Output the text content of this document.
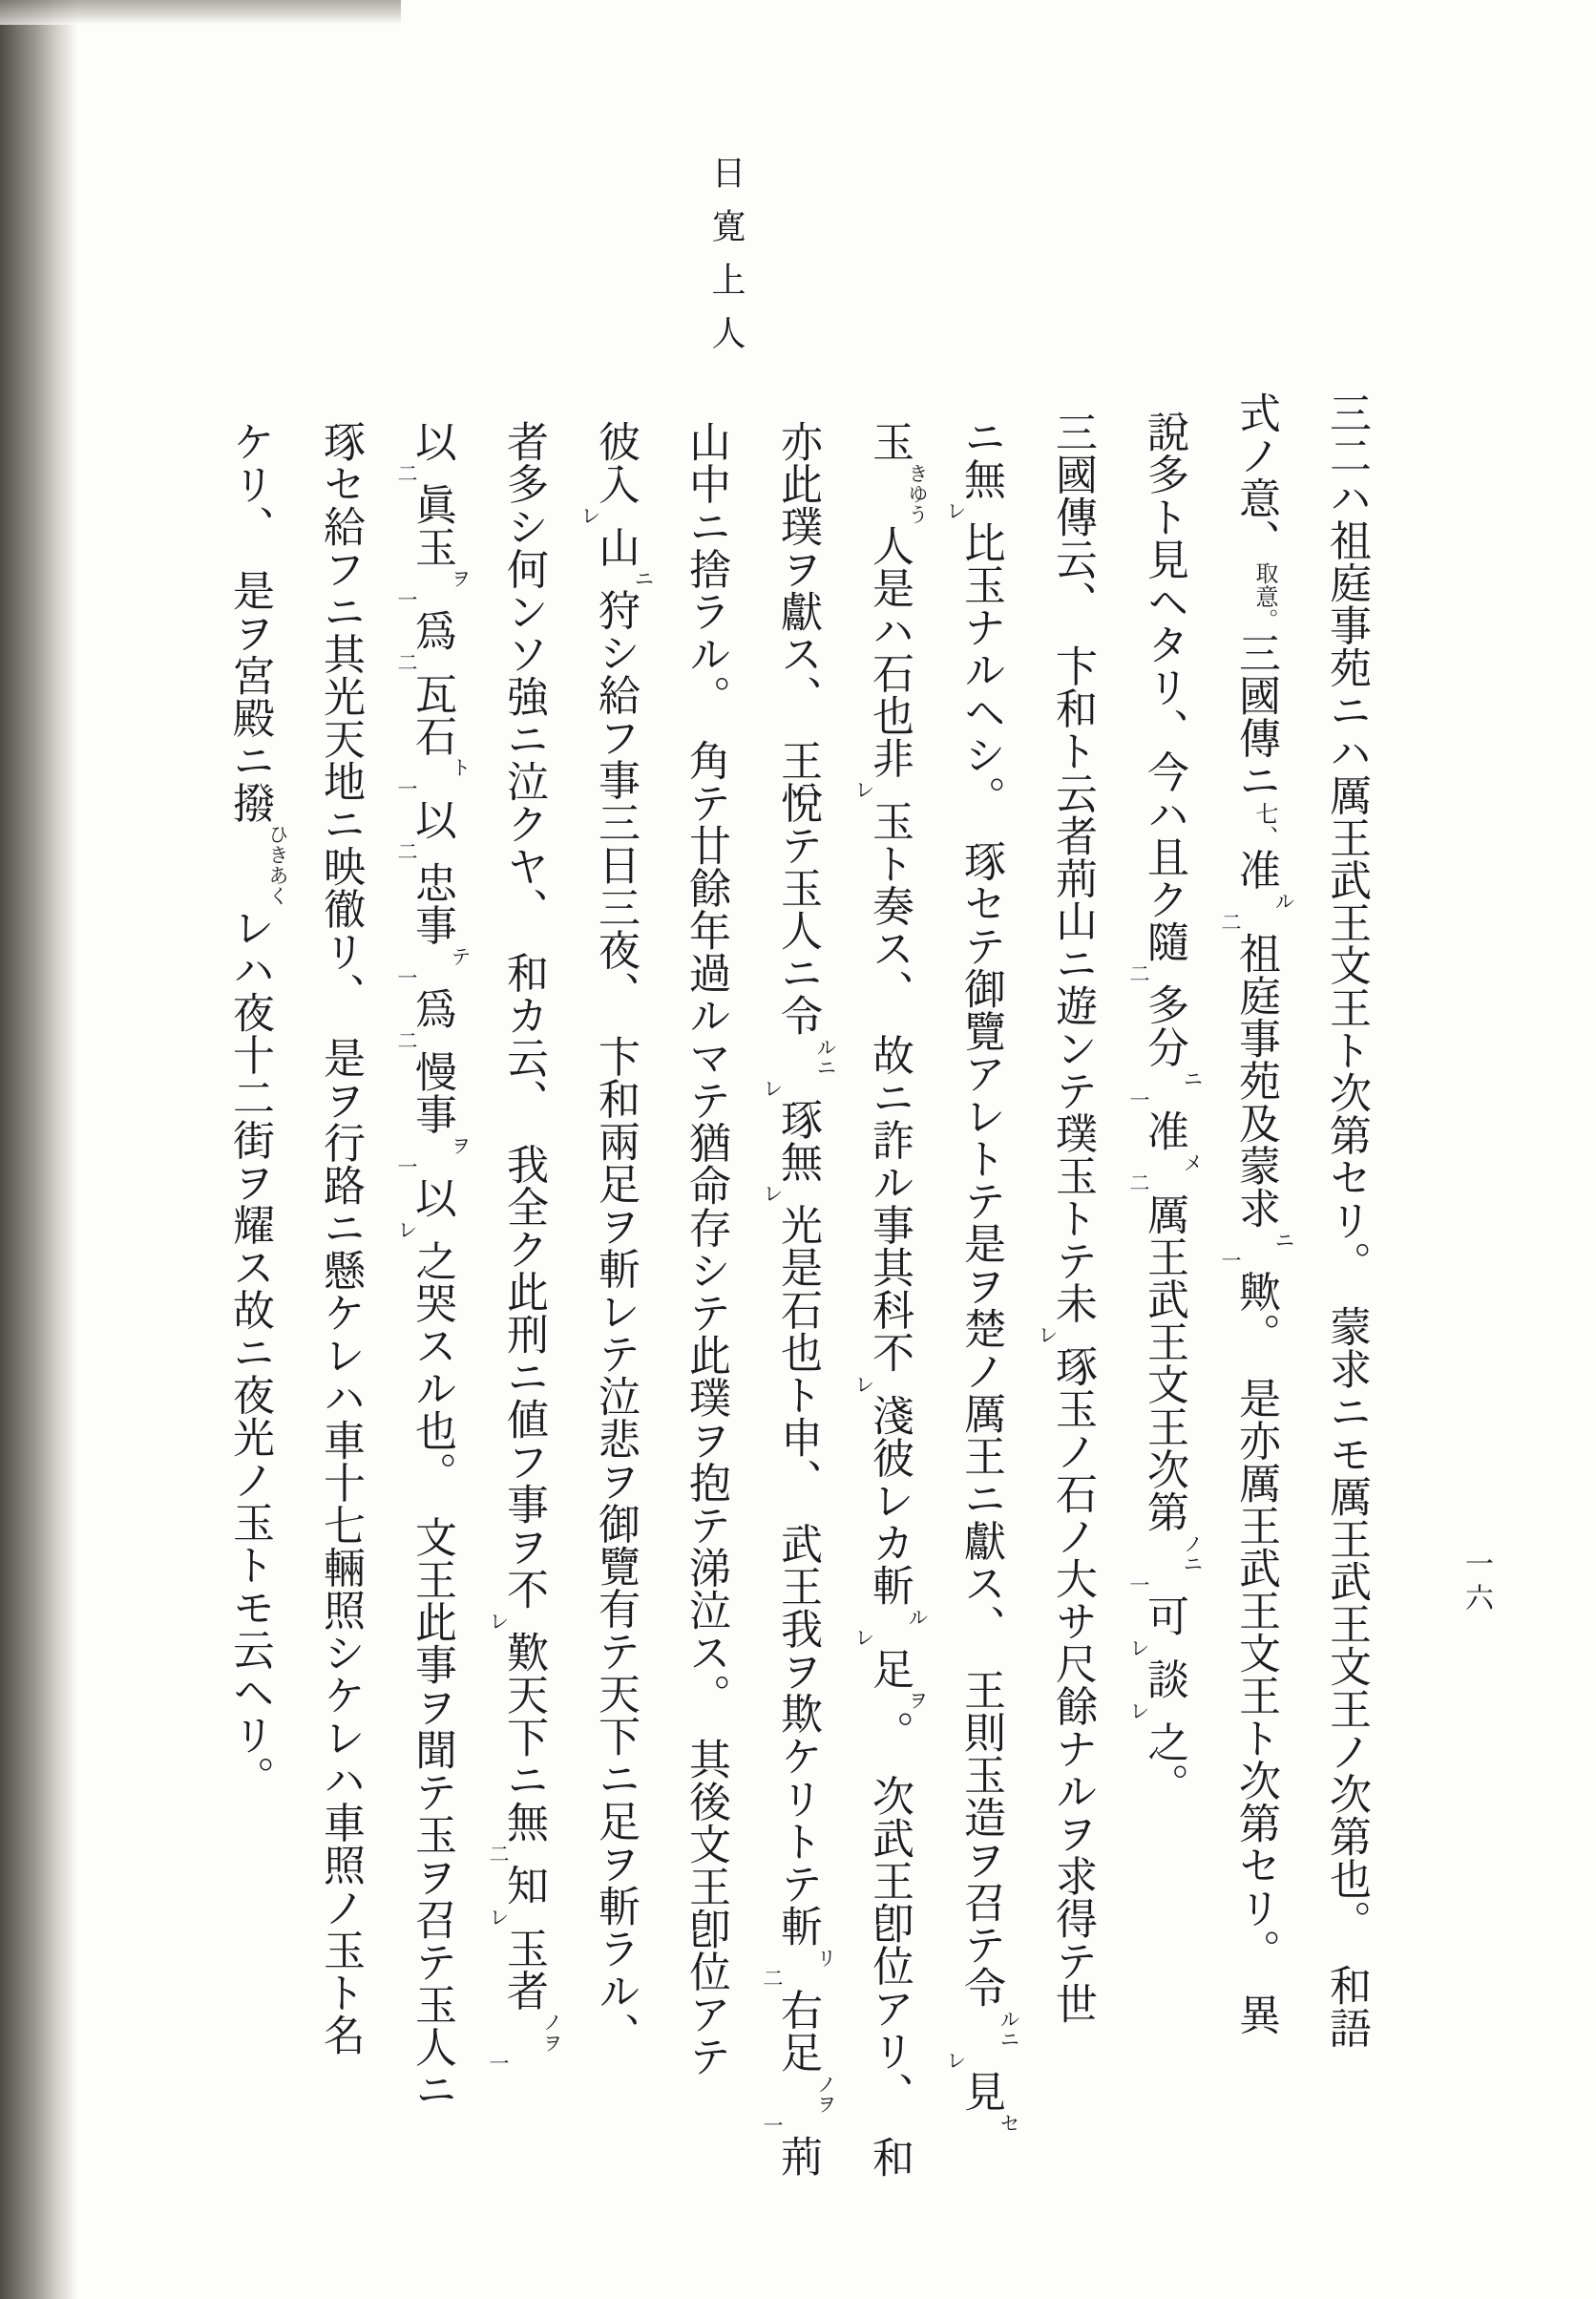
日寛上人
三二ハ祖庭事苑ニハ厲王武王文王ト次第セリ。　蒙求ニモ厲王武王文王ノ次第也。　和語
式ノ意、取意。三國傳ニ七、准ル二祖庭事苑及蒙求ニ一歟。　是亦厲王武王文王ト次第セリ。　異
說多ト見ヘタリ、今ハ且ク隨二多分ニ一准メ二厲王武王文王次第ノニ一可レ談レ之。
三國傳云、　卞和ト云者荊山ニ遊ンテ璞玉トテ未レ琢玉ノ石ノ大サ尺餘ナルヲ求得テ世
ニ無レ比玉ナルヘシ。　琢セテ御覽アレトテ是ヲ楚ノ厲王ニ獻ス、　王則玉造ヲ召テ令ルニレ見セ
玉きゆう人是ハ石也非レ玉ト奏ス、　故ニ詐ル事其科不レ淺彼レカ斬ルレ足ヲ。　次武王卽位アリ、　和
亦此璞ヲ獻ス、　王悅テ玉人ニ令ルニレ琢無レ光是石也ト申、　武王我ヲ欺ケリトテ斬リ二右足ノヲ一荊
山中ニ捨ラル。　角テ廿餘年過ルマテ猶命存シテ此璞ヲ抱テ涕泣ス。　其後文王卽位アテ
彼入レ山ニ狩シ給フ事三日三夜、　卞和兩足ヲ斬レテ泣悲ヲ御覽有テ天下ニ足ヲ斬ラル、
者多シ何ンソ強ニ泣クヤ、　和カ云、　我全ク此刑ニ値フ事ヲ不レ歎天下ニ無二知レ玉者ノヲ一
以二眞玉ヲ一爲二瓦石ト一以二忠事テ一爲二慢事ヲ一以レ之哭スル也。　文王此事ヲ聞テ玉ヲ召テ玉人ニ
琢セ給フニ其光天地ニ映徹リ、　是ヲ行路ニ懸ケレハ車十七輛照シケレハ車照ノ玉ト名
ケリ、　是ヲ宮殿ニ撥ひきあくレハ夜十二街ヲ耀ス故ニ夜光ノ玉トモ云ヘリ。	一六
